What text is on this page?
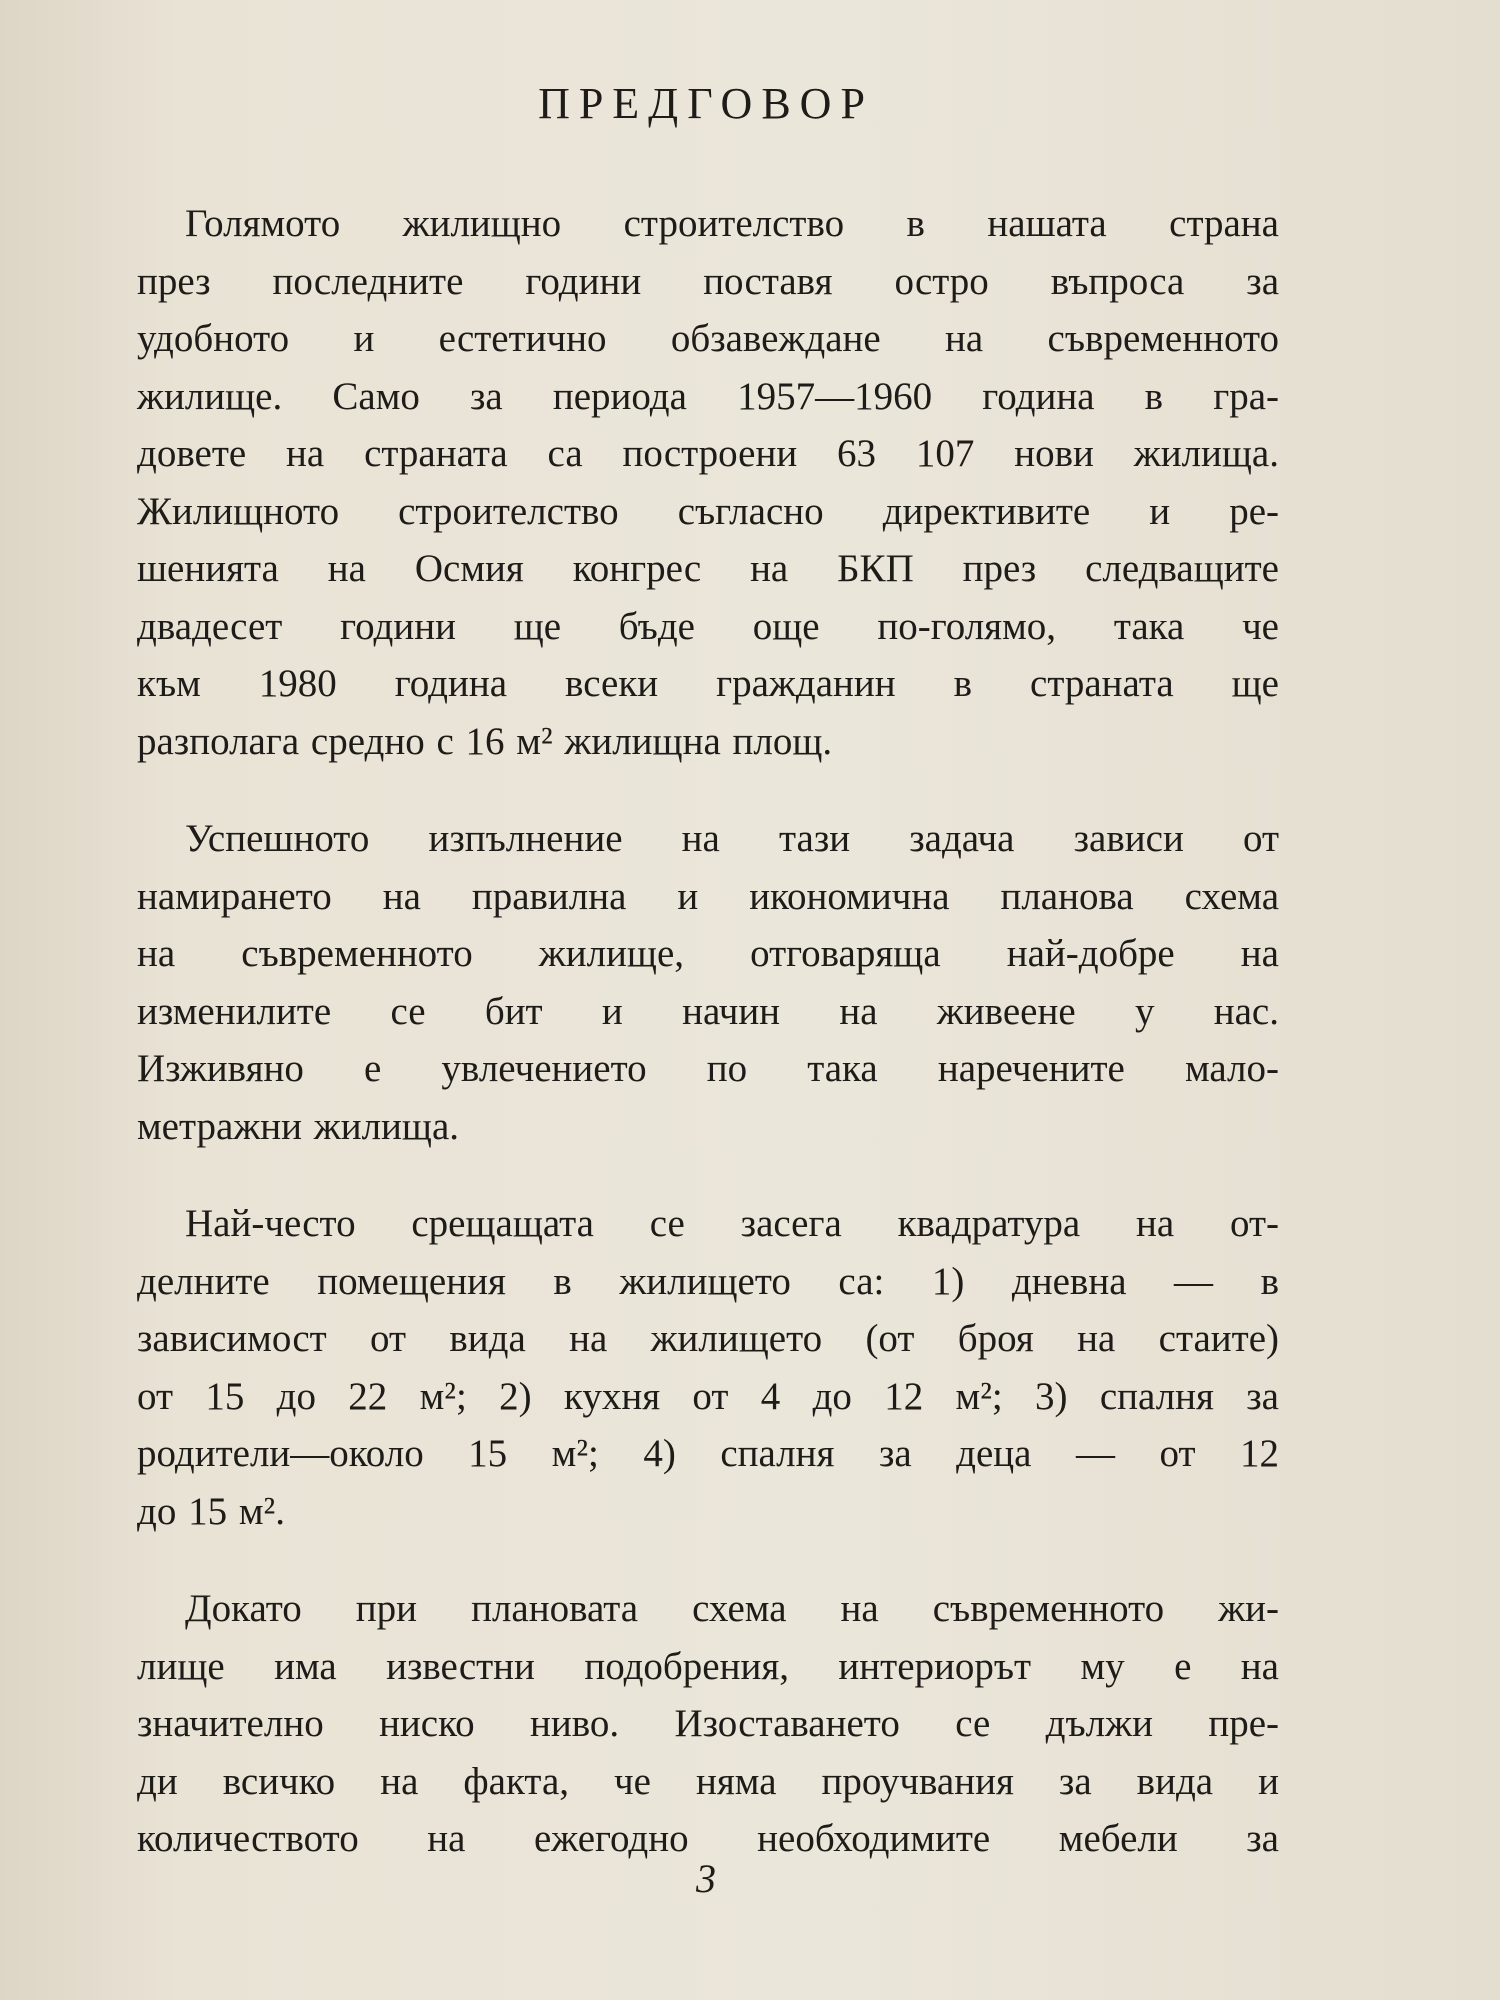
ПРЕДГОВОР

Голямото жилищно строителство в нашата страна
през последните години поставя остро въпроса за
удобното и естетично обзавеждане на съвременното
жилище. Само за периода 1957—1960 година в гра-
довете на страната са построени 63 107 нови жилища.
Жилищното строителство съгласно директивите и ре-
шенията на Осмия конгрес на БКП през следващите
двадесет години ще бъде още по-голямо, така че
към 1980 година всеки гражданин в страната ще
разполага средно с 16 м² жилищна площ.

Успешното изпълнение на тази задача зависи от
намирането на правилна и икономична планова схема
на съвременното жилище, отговаряща най-добре на
изменилите се бит и начин на живеене у нас.
Изживяно е увлечението по така наречените мало-
метражни жилища.

Най-често срещащата се засега квадратура на от-
делните помещения в жилището са: 1) дневна — в
зависимост от вида на жилището (от броя на стаите)
от 15 до 22 м²; 2) кухня от 4 до 12 м²; 3) спалня за
родители—около 15 м²; 4) спалня за деца — от 12
до 15 м².

Докато при плановата схема на съвременното жи-
лище има известни подобрения, интериорът му е на
значително ниско ниво. Изоставането се дължи пре-
ди всичко на факта, че няма проучвания за вида и
количеството на ежегодно необходимите мебели за

3
